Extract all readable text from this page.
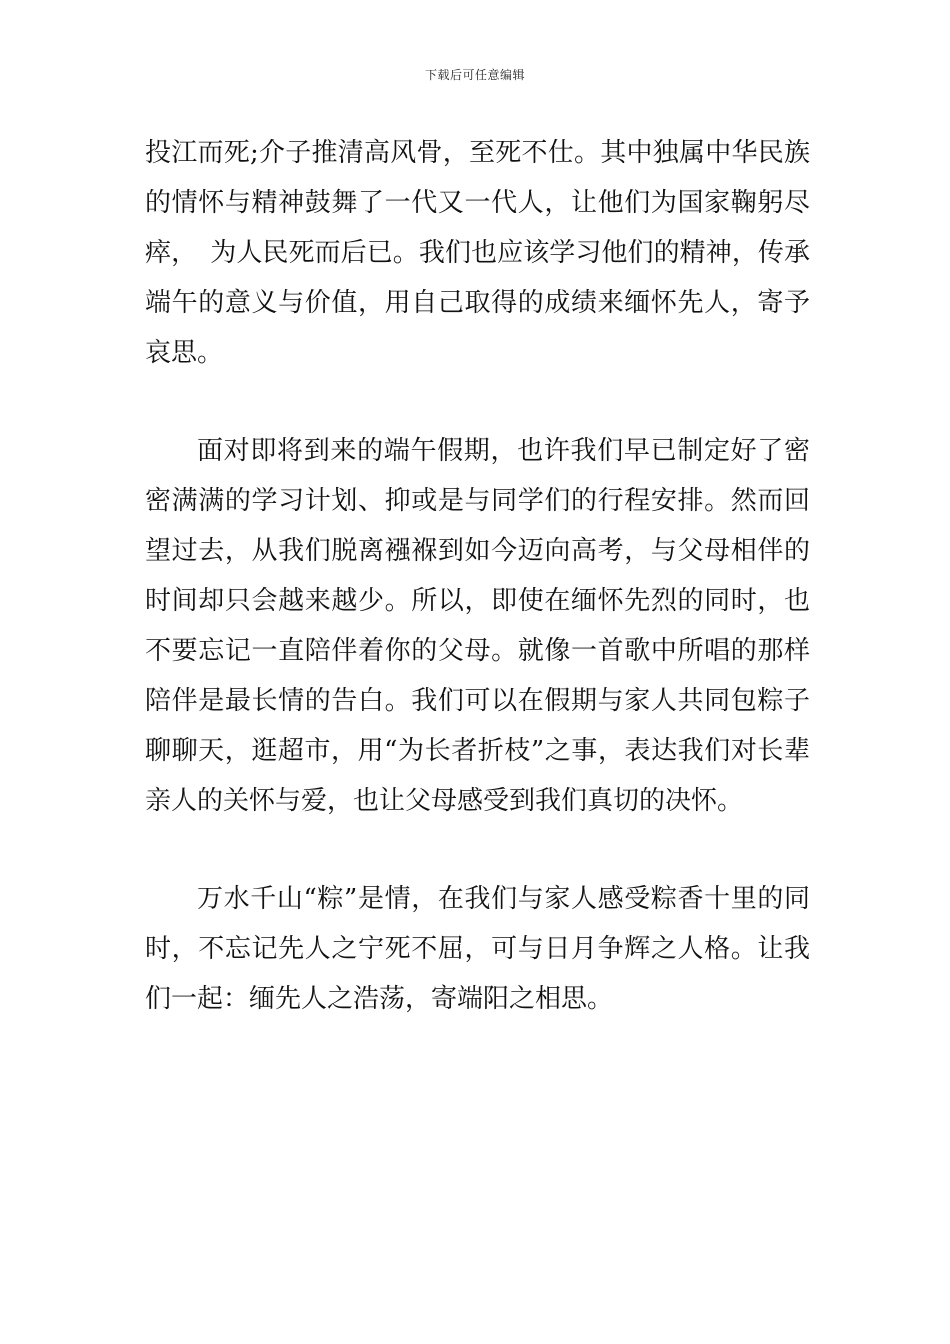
下载后可任意编辑

投江而死;介子推清高风骨，至死不仕。其中独属中华民族的情怀与精神鼓舞了一代又一代人，让他们为国家鞠躬尽瘁，　为人民死而后已。我们也应该学习他们的精神，传承端午的意义与价值，用自己取得的成绩来缅怀先人，寄予哀思。

面对即将到来的端午假期，也许我们早已制定好了密密满满的学习计划、抑或是与同学们的行程安排。然而回望过去，从我们脱离襁褓到如今迈向高考，与父母相伴的时间却只会越来越少。所以，即使在缅怀先烈的同时，也不要忘记一直陪伴着你的父母。就像一首歌中所唱的那样陪伴是最长情的告白。我们可以在假期与家人共同包粽子聊聊天，逛超市，用“为长者折枝”之事，表达我们对长辈亲人的关怀与爱，也让父母感受到我们真切的决怀。

万水千山“粽”是情，在我们与家人感受粽香十里的同时，不忘记先人之宁死不屈，可与日月争辉之人格。让我们一起：缅先人之浩荡，寄端阳之相思。
